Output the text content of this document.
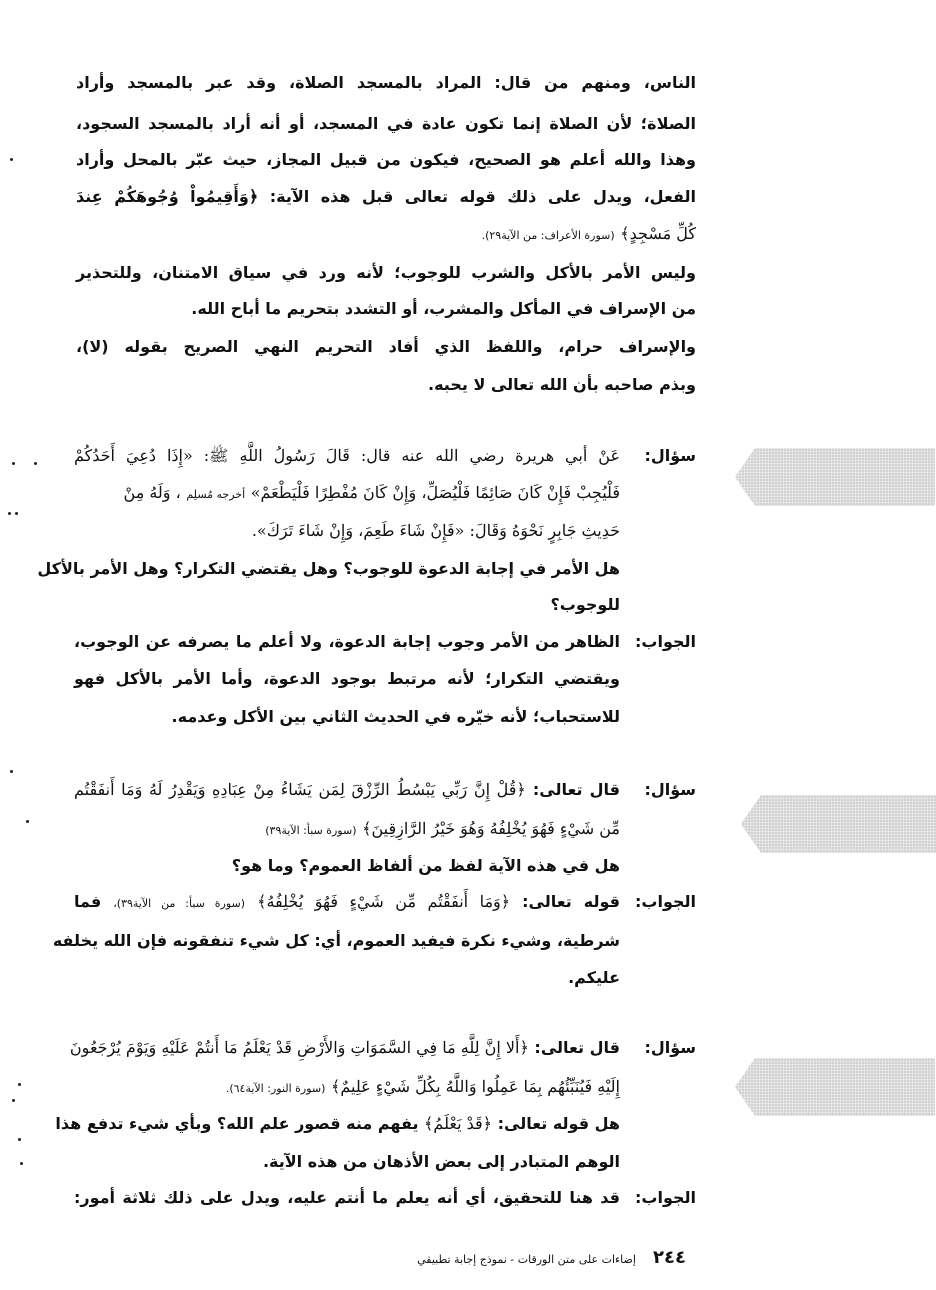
الناس، ومنهم من قال: المراد بالمسجد الصلاة، وقد عبر بالمسجد وأراد
الصلاة؛ لأن الصلاة إنما تكون عادة في المسجد، أو أنه أراد بالمسجد السجود،
وهذا والله أعلم هو الصحيح، فيكون من قبيل المجاز، حيث عبّر بالمحل وأراد
الفعل، ويدل على ذلك قوله تعالى قبل هذه الآية: ﴿وَأَقِيمُواْ وُجُوهَكُمْ عِندَ
كُلِّ مَسْجِدٍ﴾ (سورة الأعراف: من الآية٢٩).
وليس الأمر بالأكل والشرب للوجوب؛ لأنه ورد في سياق الامتنان، وللتحذير
من الإسراف في المأكل والمشرب، أو التشدد بتحريم ما أباح الله.
والإسراف حرام، واللفظ الذي أفاد التحريم النهي الصريح بقوله (لا)،
وبذم صاحبه بأن الله تعالى لا يحبه.
سؤال:
عَنْ أبي هريرة رضي الله عنه قال: قَالَ رَسُولُ اللَّهِ ﷺ: «إِذَا دُعِيَ أَحَدُكُمْ
فَلْيُجِبْ فَإِنْ كَانَ صَائِمًا فَلْيُصَلِّ، وَإِنْ كَانَ مُفْطِرًا فَلْيَطْعَمْ» أخرجه مُسلِم ، وَلَهُ مِنْ
حَدِيثِ جَابِرٍ نَحْوَهُ وَقَالَ: «فَإِنْ شَاءَ طَعِمَ، وَإِنْ شَاءَ تَرَكَ».
هل الأمر في إجابة الدعوة للوجوب؟ وهل يقتضي التكرار؟ وهل الأمر بالأكل
للوجوب؟
الجواب:
الظاهر من الأمر وجوب إجابة الدعوة، ولا أعلم ما يصرفه عن الوجوب،
ويقتضي التكرار؛ لأنه مرتبط بوجود الدعوة، وأما الأمر بالأكل فهو
للاستحباب؛ لأنه خيّره في الحديث الثاني بين الأكل وعدمه.
سؤال:
قال تعالى: ﴿قُلْ إِنَّ رَبِّي يَبْسُطُ الرِّزْقَ لِمَن يَشَاءُ مِنْ عِبَادِهِ وَيَقْدِرُ لَهُ وَمَا أَنفَقْتُم
مِّن شَيْءٍ فَهُوَ يُخْلِفُهُ وَهُوَ خَيْرُ الرَّازِقِينَ﴾ (سورة سبأ: الآية٣٩)
هل في هذه الآية لفظ من ألفاظ العموم؟ وما هو؟
الجواب:
قوله تعالى: ﴿وَمَا أَنفَقْتُم مِّن شَيْءٍ فَهُوَ يُخْلِفُهُ﴾ (سورة سبأ: من الآية٣٩)، فما
شرطية، وشيء نكرة فيفيد العموم، أي: كل شيء تنفقونه فإن الله يخلفه
عليكم.
سؤال:
قال تعالى: ﴿أَلا إِنَّ لِلَّهِ مَا فِي السَّمَوَاتِ وَالأَرْضِ قَدْ يَعْلَمُ مَا أَنتُمْ عَلَيْهِ وَيَوْمَ يُرْجَعُونَ
إِلَيْهِ فَيُنَبِّئُهُم بِمَا عَمِلُوا وَاللَّهُ بِكُلِّ شَيْءٍ عَلِيمٌ﴾ (سورة النور: الآية٦٤).
هل قوله تعالى: ﴿قَدْ يَعْلَمُ﴾ يفهم منه قصور علم الله؟ وبأي شيء تدفع هذا
الوهم المتبادر إلى بعض الأذهان من هذه الآية.
الجواب:
قد هنا للتحقيق، أي أنه يعلم ما أنتم عليه، ويدل على ذلك ثلاثة أمور:
٢٤٤ إضاءات على متن الورقات - نموذج إجابة تطبيقي
